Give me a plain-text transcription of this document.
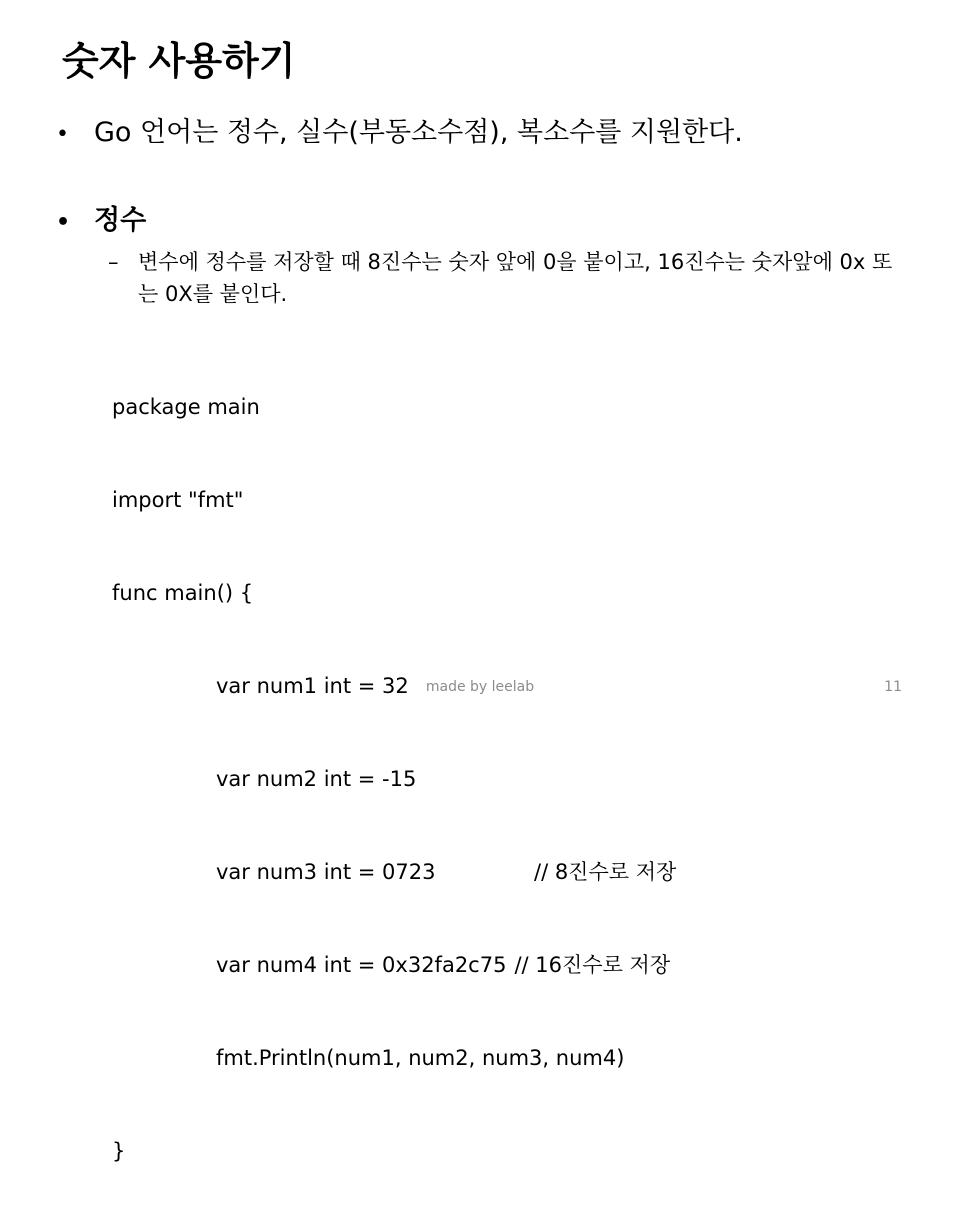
숫자 사용하기
• Go 언어는 정수, 실수(부동소수점), 복소수를 지원한다.
• 정수
– 변수에 정수를 저장할 때 8진수는 숫자 앞에 0을 붙이고, 16진수는 숫자앞에 0x 또는 0X를 붙인다.

package main

import "fmt"

func main() {

var num1 int = 32

var num2 int = -15

var num3 int = 0723	// 8진수로 저장

var num4 int = 0x32fa2c75 // 16진수로 저장

fmt.Println(num1, num2, num3, num4)

}

made by leelab	11
